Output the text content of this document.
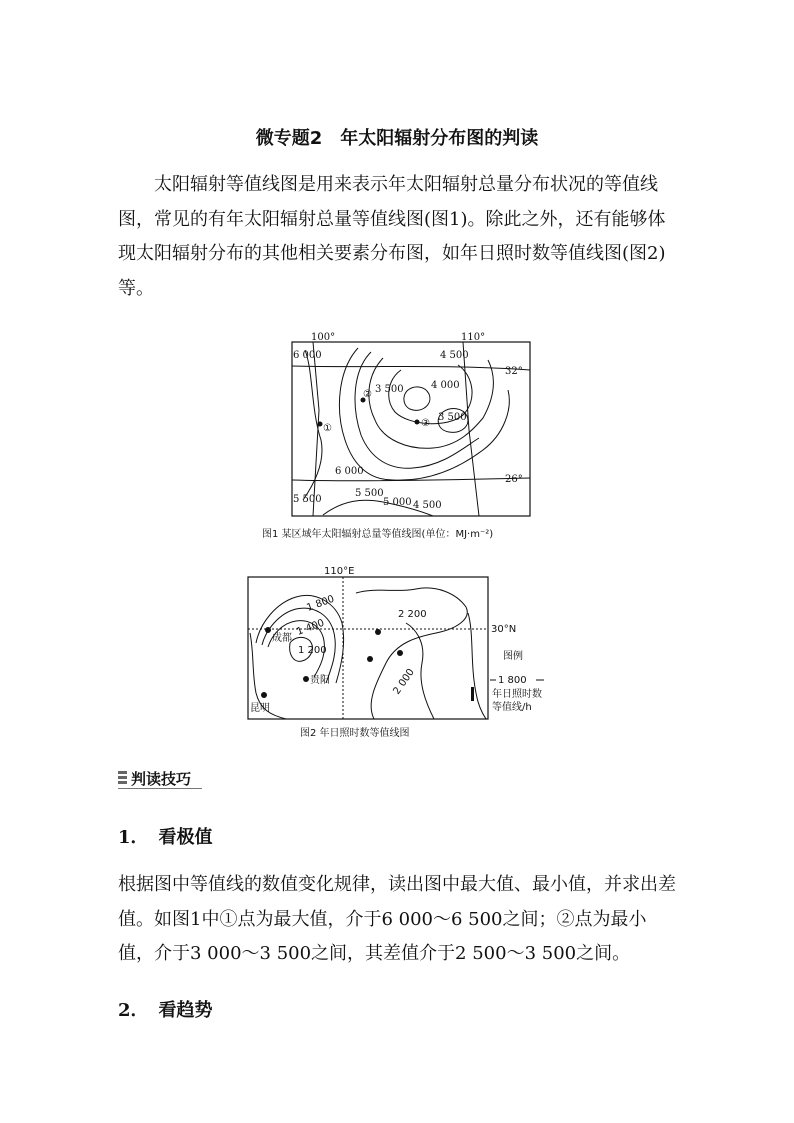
微专题2 年太阳辐射分布图的判读
太阳辐射等值线图是用来表示年太阳辐射总量分布状况的等值线图，常见的有年太阳辐射总量等值线图(图1)。除此之外，还有能够体现太阳辐射分布的其他相关要素分布图，如年日照时数等值线图(图2)等。
100°	110°
32°
26°
6 000	4 500
4 000
3 500
3 500
6 000
5 500
5 000 4 500
5 500
①
②
③
图1 某区域年太阳辐射总量等值线图(单位：MJ·m⁻²)
110°E
30°N
1 800
1 400
2 200
1 200
2 000
成都
贵阳
昆明
图例
1 800
年日照时数
等值线/h
图2 年日照时数等值线图
判读技巧
1． 看极值
根据图中等值线的数值变化规律，读出图中最大值、最小值，并求出差值。如图1中①点为最大值，介于6 000～6 500之间；②点为最小值，介于3 000～3 500之间，其差值介于2 500～3 500之间。
2． 看趋势
